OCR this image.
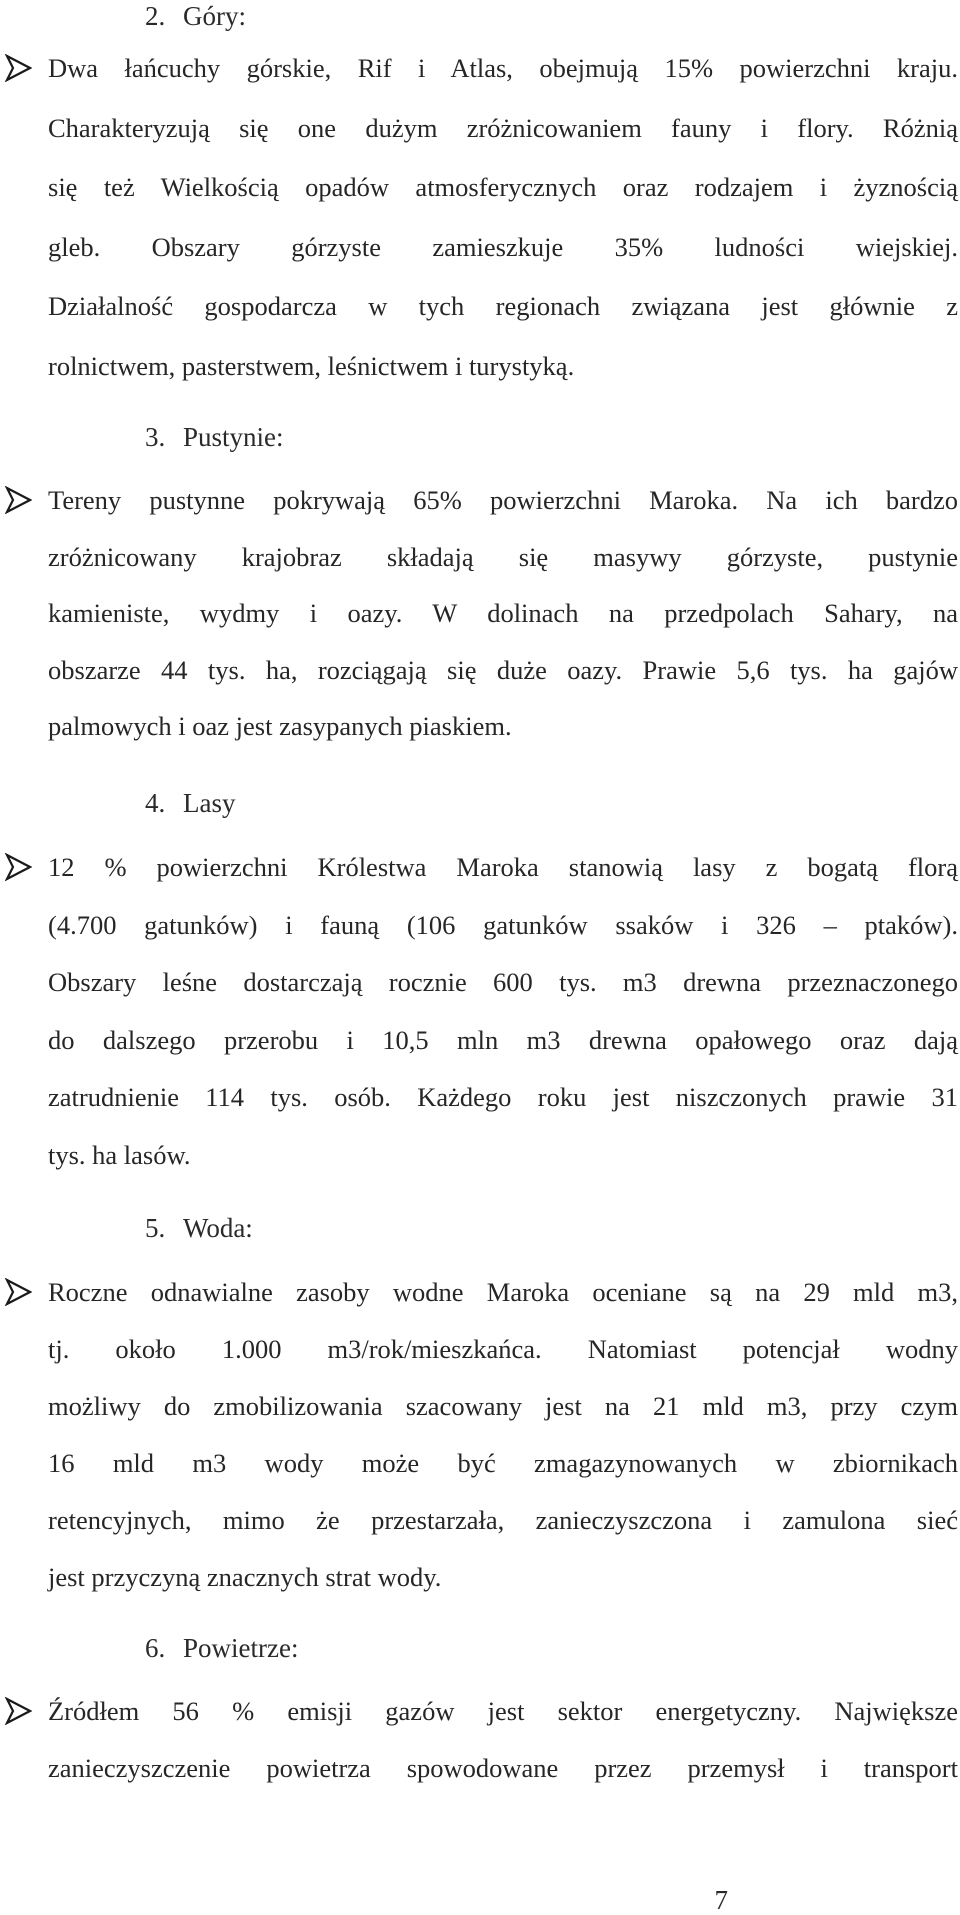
2. Góry:
Dwa łańcuchy górskie, Rif i Atlas, obejmują 15% powierzchni kraju.
Charakteryzują się one dużym zróżnicowaniem fauny i flory. Różnią
się też Wielkością opadów atmosferycznych oraz rodzajem i żyznością
gleb. Obszary górzyste zamieszkuje 35% ludności wiejskiej.
Działalność gospodarcza w tych regionach związana jest głównie z
rolnictwem, pasterstwem, leśnictwem i turystyką.
3. Pustynie:
Tereny pustynne pokrywają 65% powierzchni Maroka. Na ich bardzo
zróżnicowany krajobraz składają się masywy górzyste, pustynie
kamieniste, wydmy i oazy. W dolinach na przedpolach Sahary, na
obszarze 44 tys. ha, rozciągają się duże oazy. Prawie 5,6 tys. ha gajów
palmowych i oaz jest zasypanych piaskiem.
4. Lasy
12 % powierzchni Królestwa Maroka stanowią lasy z bogatą florą
(4.700 gatunków) i fauną (106 gatunków ssaków i 326 – ptaków).
Obszary leśne dostarczają rocznie 600 tys. m3 drewna przeznaczonego
do dalszego przerobu i 10,5 mln m3 drewna opałowego oraz dają
zatrudnienie 114 tys. osób. Każdego roku jest niszczonych prawie 31
tys. ha lasów.
5. Woda:
Roczne odnawialne zasoby wodne Maroka oceniane są na 29 mld m3,
tj. około 1.000 m3/rok/mieszkańca. Natomiast potencjał wodny
możliwy do zmobilizowania szacowany jest na 21 mld m3, przy czym
16 mld m3 wody może być zmagazynowanych w zbiornikach
retencyjnych, mimo że przestarzała, zanieczyszczona i zamulona sieć
jest przyczyną znacznych strat wody.
6. Powietrze:
Źródłem 56 % emisji gazów jest sektor energetyczny. Największe
zanieczyszczenie powietrza spowodowane przez przemysł i transport
7
